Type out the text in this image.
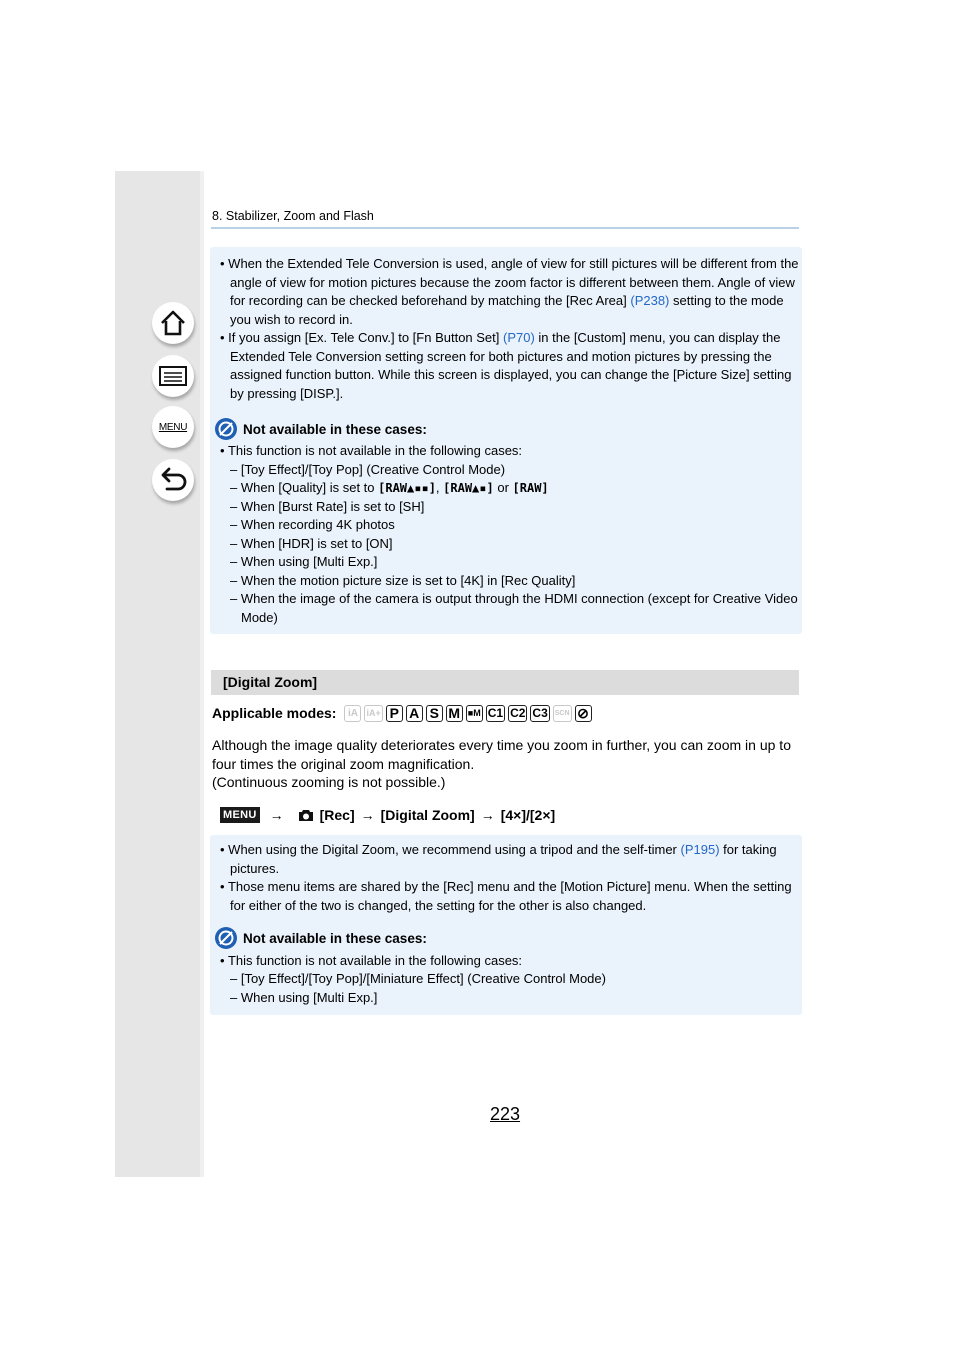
MENU
8. Stabilizer, Zoom and Flash

• When the Extended Tele Conversion is used, angle of view for still pictures will be different from the angle of view for motion pictures because the zoom factor is different between them. Angle of view for recording can be checked beforehand by matching the [Rec Area] (P238) setting to the mode you wish to record in.

• If you assign [Ex. Tele Conv.] to [Fn Button Set] (P70) in the [Custom] menu, you can display the Extended Tele Conversion setting screen for both pictures and motion pictures by pressing the assigned function button. While this screen is displayed, you can change the [Picture Size] setting by pressing [DISP.].

Not available in these cases:

• This function is not available in the following cases:

– [Toy Effect]/[Toy Pop] (Creative Control Mode)

– When [Quality] is set to [RAW▲▪▪], [RAW▲▪] or [RAW]

– When [Burst Rate] is set to [SH]

– When recording 4K photos

– When [HDR] is set to [ON]

– When using [Multi Exp.]

– When the motion picture size is set to [4K] in [Rec Quality]

– When the image of the camera is output through the HDMI connection (except for Creative Video Mode)

[Digital Zoom]
Applicable modes:	iA iA+ P A S M ■M C1 C2 C3 SCN ⊘

Although the image quality deteriorates every time you zoom in further, you can zoom in up to four times the original zoom magnification.

(Continuous zooming is not possible.)

MENU →	[Rec] → [Digital Zoom] → [4×]/[2×]

• When using the Digital Zoom, we recommend using a tripod and the self-timer (P195) for taking pictures.

• Those menu items are shared by the [Rec] menu and the [Motion Picture] menu. When the setting for either of the two is changed, the setting for the other is also changed.

Not available in these cases:

• This function is not available in the following cases:

– [Toy Effect]/[Toy Pop]/[Miniature Effect] (Creative Control Mode)

– When using [Multi Exp.]

223
